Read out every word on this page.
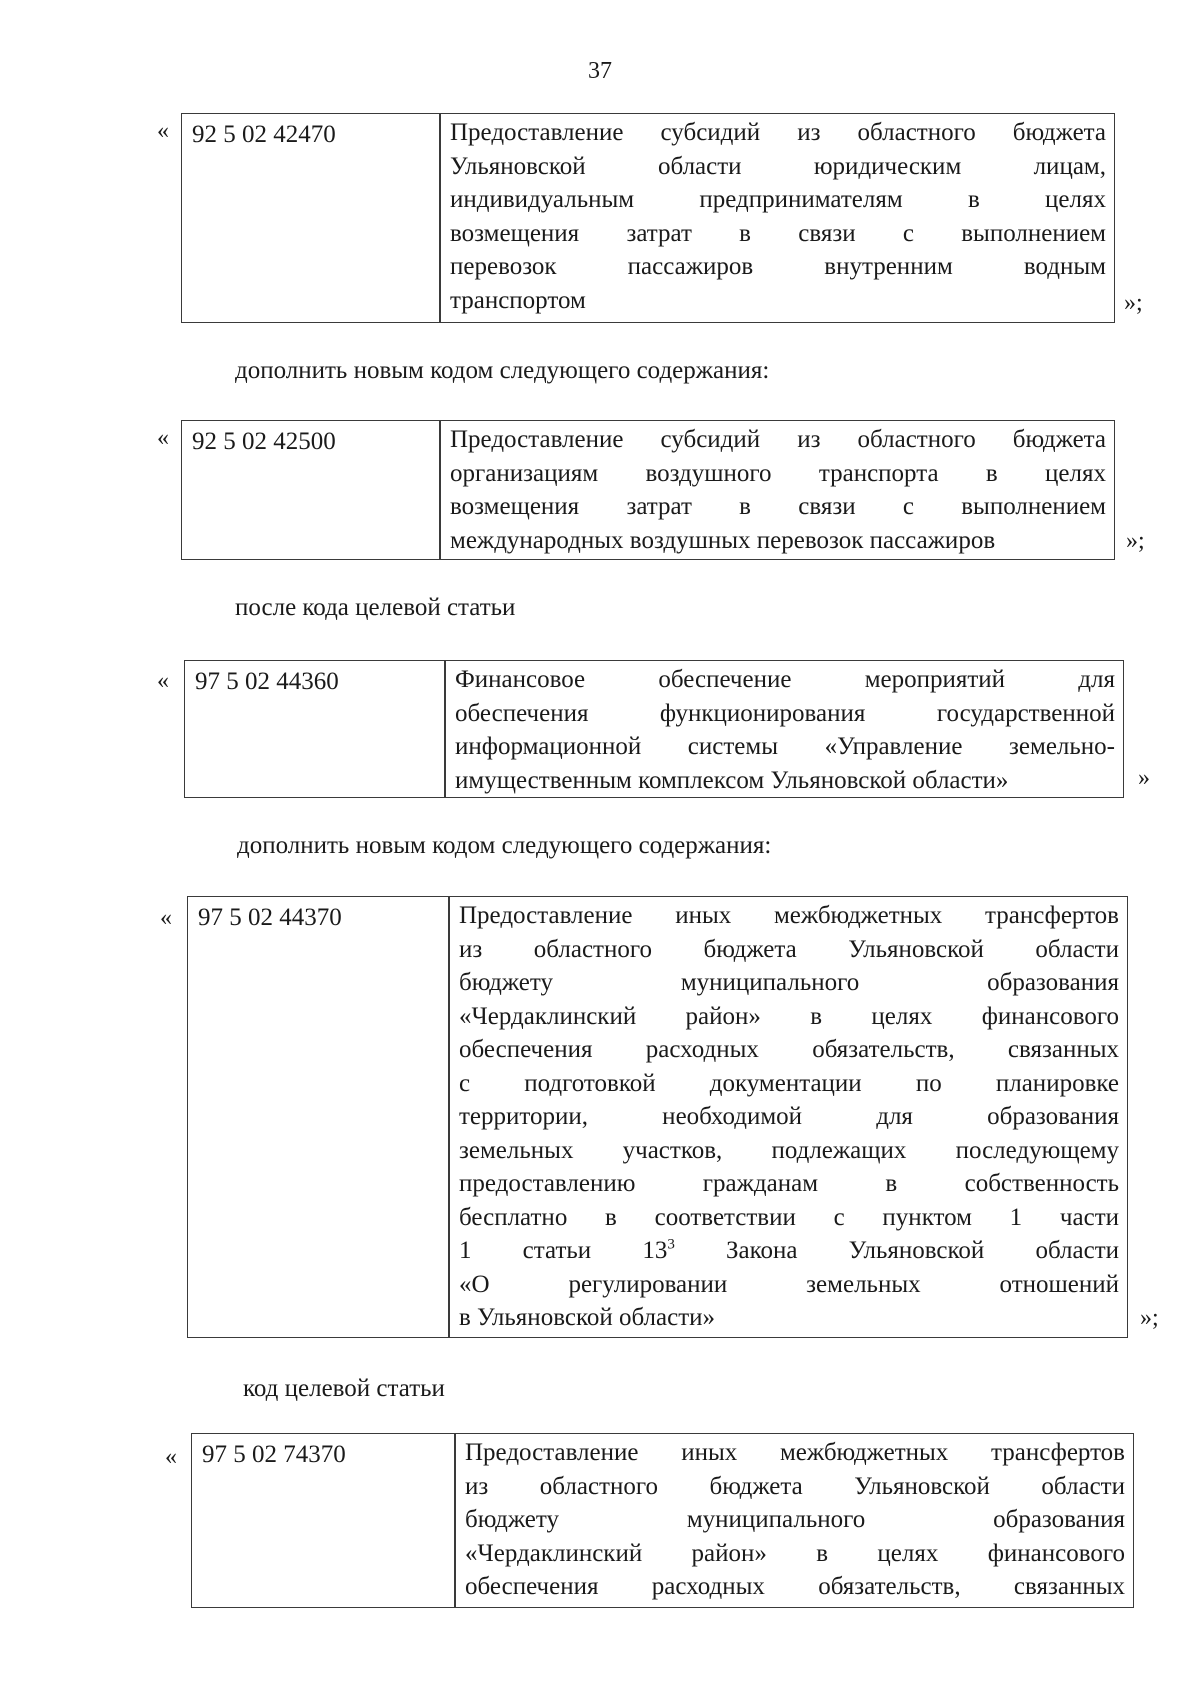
37
« 92 5 02 42470	Предоставление субсидий из областного бюджета
Ульяновской области юридическим лицам,
индивидуальным предпринимателям в целях
возмещения затрат в связи с выполнением
перевозок пассажиров внутренним водным
транспортом	»;
дополнить новым кодом следующего содержания:
« 92 5 02 42500	Предоставление субсидий из областного бюджета
организациям воздушного транспорта в целях
возмещения затрат в связи с выполнением
международных воздушных перевозок пассажиров	»;
после кода целевой статьи
«	97 5 02 44360	Финансовое обеспечение мероприятий для
обеспечения функционирования государственной
информационной системы «Управление земельно-
имущественным комплексом Ульяновской области»	»
дополнить новым кодом следующего содержания:
«	97 5 02 44370	Предоставление иных межбюджетных трансфертов
из областного бюджета Ульяновской области
бюджету муниципального образования
«Чердаклинский район» в целях финансового
обеспечения расходных обязательств, связанных
с подготовкой документации по планировке
территории, необходимой для образования
земельных участков, подлежащих последующему
предоставлению гражданам в собственность
бесплатно в соответствии с пунктом 1 части
1 статьи $13^3$ Закона Ульяновской области
«О регулировании земельных отношений
в Ульяновской области»	»;
код целевой статьи
«	97 5 02 74370	Предоставление иных межбюджетных трансфертов
из областного бюджета Ульяновской области
бюджету муниципального образования
«Чердаклинский район» в целях финансового
обеспечения расходных обязательств, связанных
